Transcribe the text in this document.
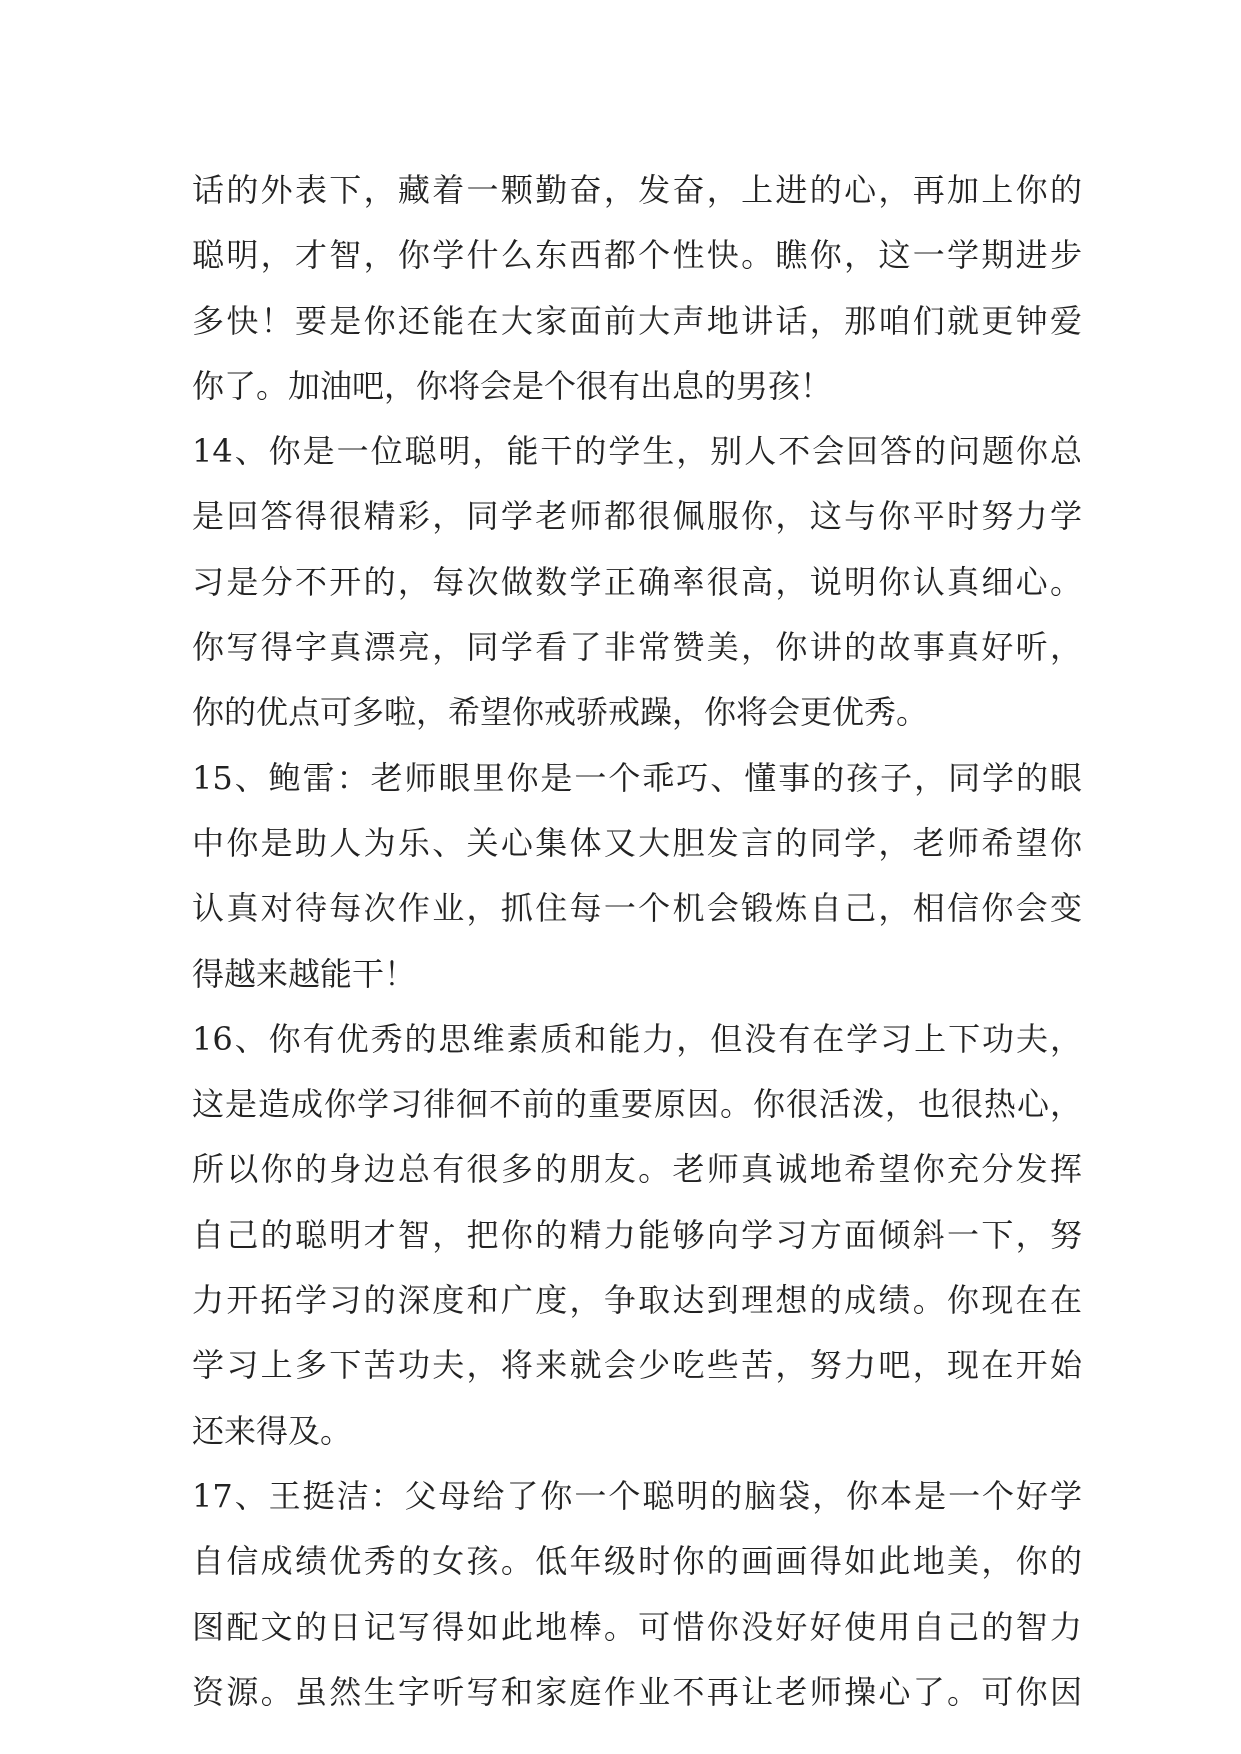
话的外表下，藏着一颗勤奋，发奋，上进的心，再加上你的
聪明，才智，你学什么东西都个性快。瞧你，这一学期进步
多快！要是你还能在大家面前大声地讲话，那咱们就更钟爱
你了。加油吧，你将会是个很有出息的男孩！
14、你是一位聪明，能干的学生，别人不会回答的问题你总
是回答得很精彩，同学老师都很佩服你，这与你平时努力学
习是分不开的，每次做数学正确率很高，说明你认真细心。
你写得字真漂亮，同学看了非常赞美，你讲的故事真好听，
你的优点可多啦，希望你戒骄戒躁，你将会更优秀。
15、鲍雷：老师眼里你是一个乖巧、懂事的孩子，同学的眼
中你是助人为乐、关心集体又大胆发言的同学，老师希望你
认真对待每次作业，抓住每一个机会锻炼自己，相信你会变
得越来越能干！
16、你有优秀的思维素质和能力，但没有在学习上下功夫，
这是造成你学习徘徊不前的重要原因。你很活泼，也很热心，
所以你的身边总有很多的朋友。老师真诚地希望你充分发挥
自己的聪明才智，把你的精力能够向学习方面倾斜一下，努
力开拓学习的深度和广度，争取达到理想的成绩。你现在在
学习上多下苦功夫，将来就会少吃些苦，努力吧，现在开始
还来得及。
17、王挺洁：父母给了你一个聪明的脑袋，你本是一个好学
自信成绩优秀的女孩。低年级时你的画画得如此地美，你的
图配文的日记写得如此地棒。可惜你没好好使用自己的智力
资源。虽然生字听写和家庭作业不再让老师操心了。可你因
